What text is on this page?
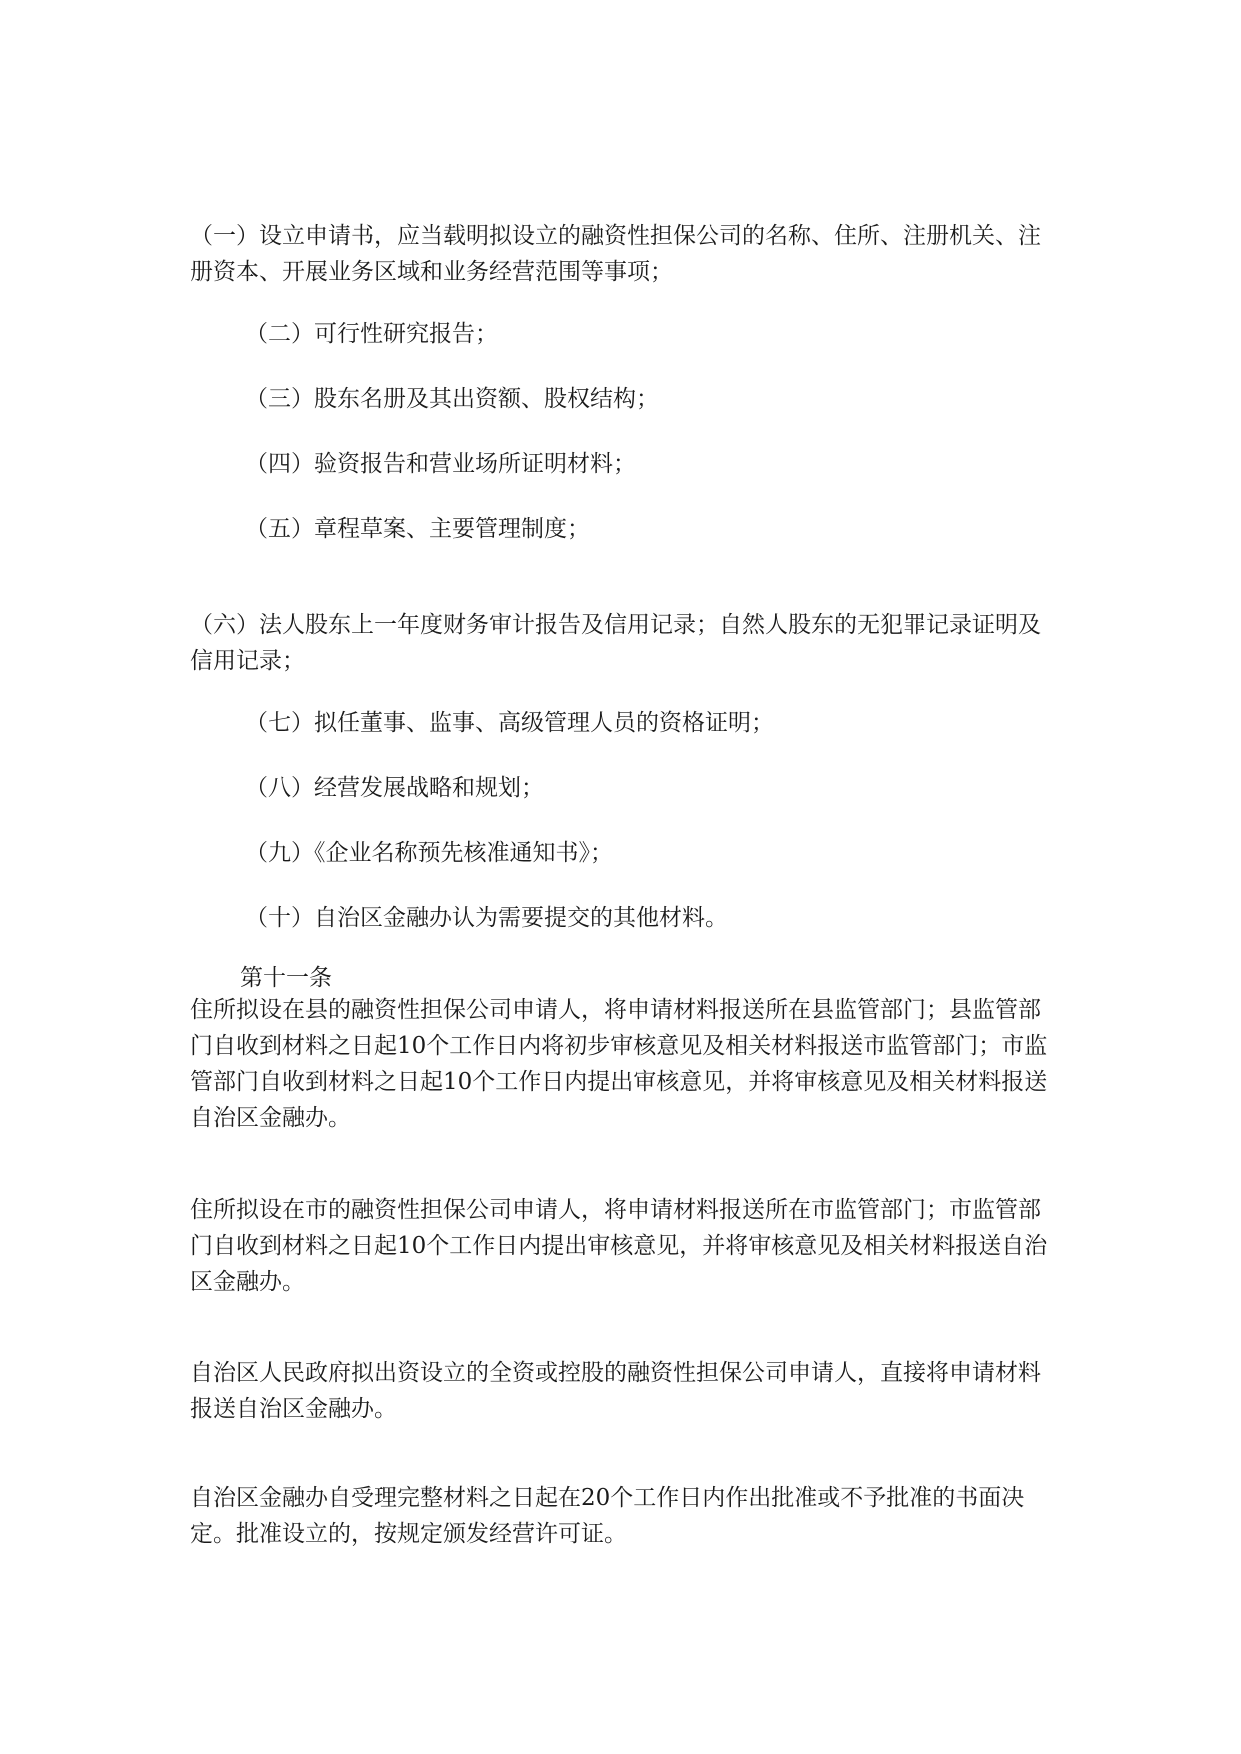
（一）设立申请书，应当载明拟设立的融资性担保公司的名称、住所、注册机关、注册资本、开展业务区域和业务经营范围等事项；

（二）可行性研究报告；

（三）股东名册及其出资额、股权结构；

（四）验资报告和营业场所证明材料；

（五）章程草案、主要管理制度；

（六）法人股东上一年度财务审计报告及信用记录；自然人股东的无犯罪记录证明及信用记录；

（七）拟任董事、监事、高级管理人员的资格证明；

（八）经营发展战略和规划；

（九）《企业名称预先核准通知书》；

（十）自治区金融办认为需要提交的其他材料。

第十一条

住所拟设在县的融资性担保公司申请人，将申请材料报送所在县监管部门；县监管部门自收到材料之日起10个工作日内将初步审核意见及相关材料报送市监管部门；市监管部门自收到材料之日起10个工作日内提出审核意见，并将审核意见及相关材料报送自治区金融办。

住所拟设在市的融资性担保公司申请人，将申请材料报送所在市监管部门；市监管部门自收到材料之日起10个工作日内提出审核意见，并将审核意见及相关材料报送自治区金融办。

自治区人民政府拟出资设立的全资或控股的融资性担保公司申请人，直接将申请材料报送自治区金融办。

自治区金融办自受理完整材料之日起在20个工作日内作出批准或不予批准的书面决定。批准设立的，按规定颁发经营许可证。
